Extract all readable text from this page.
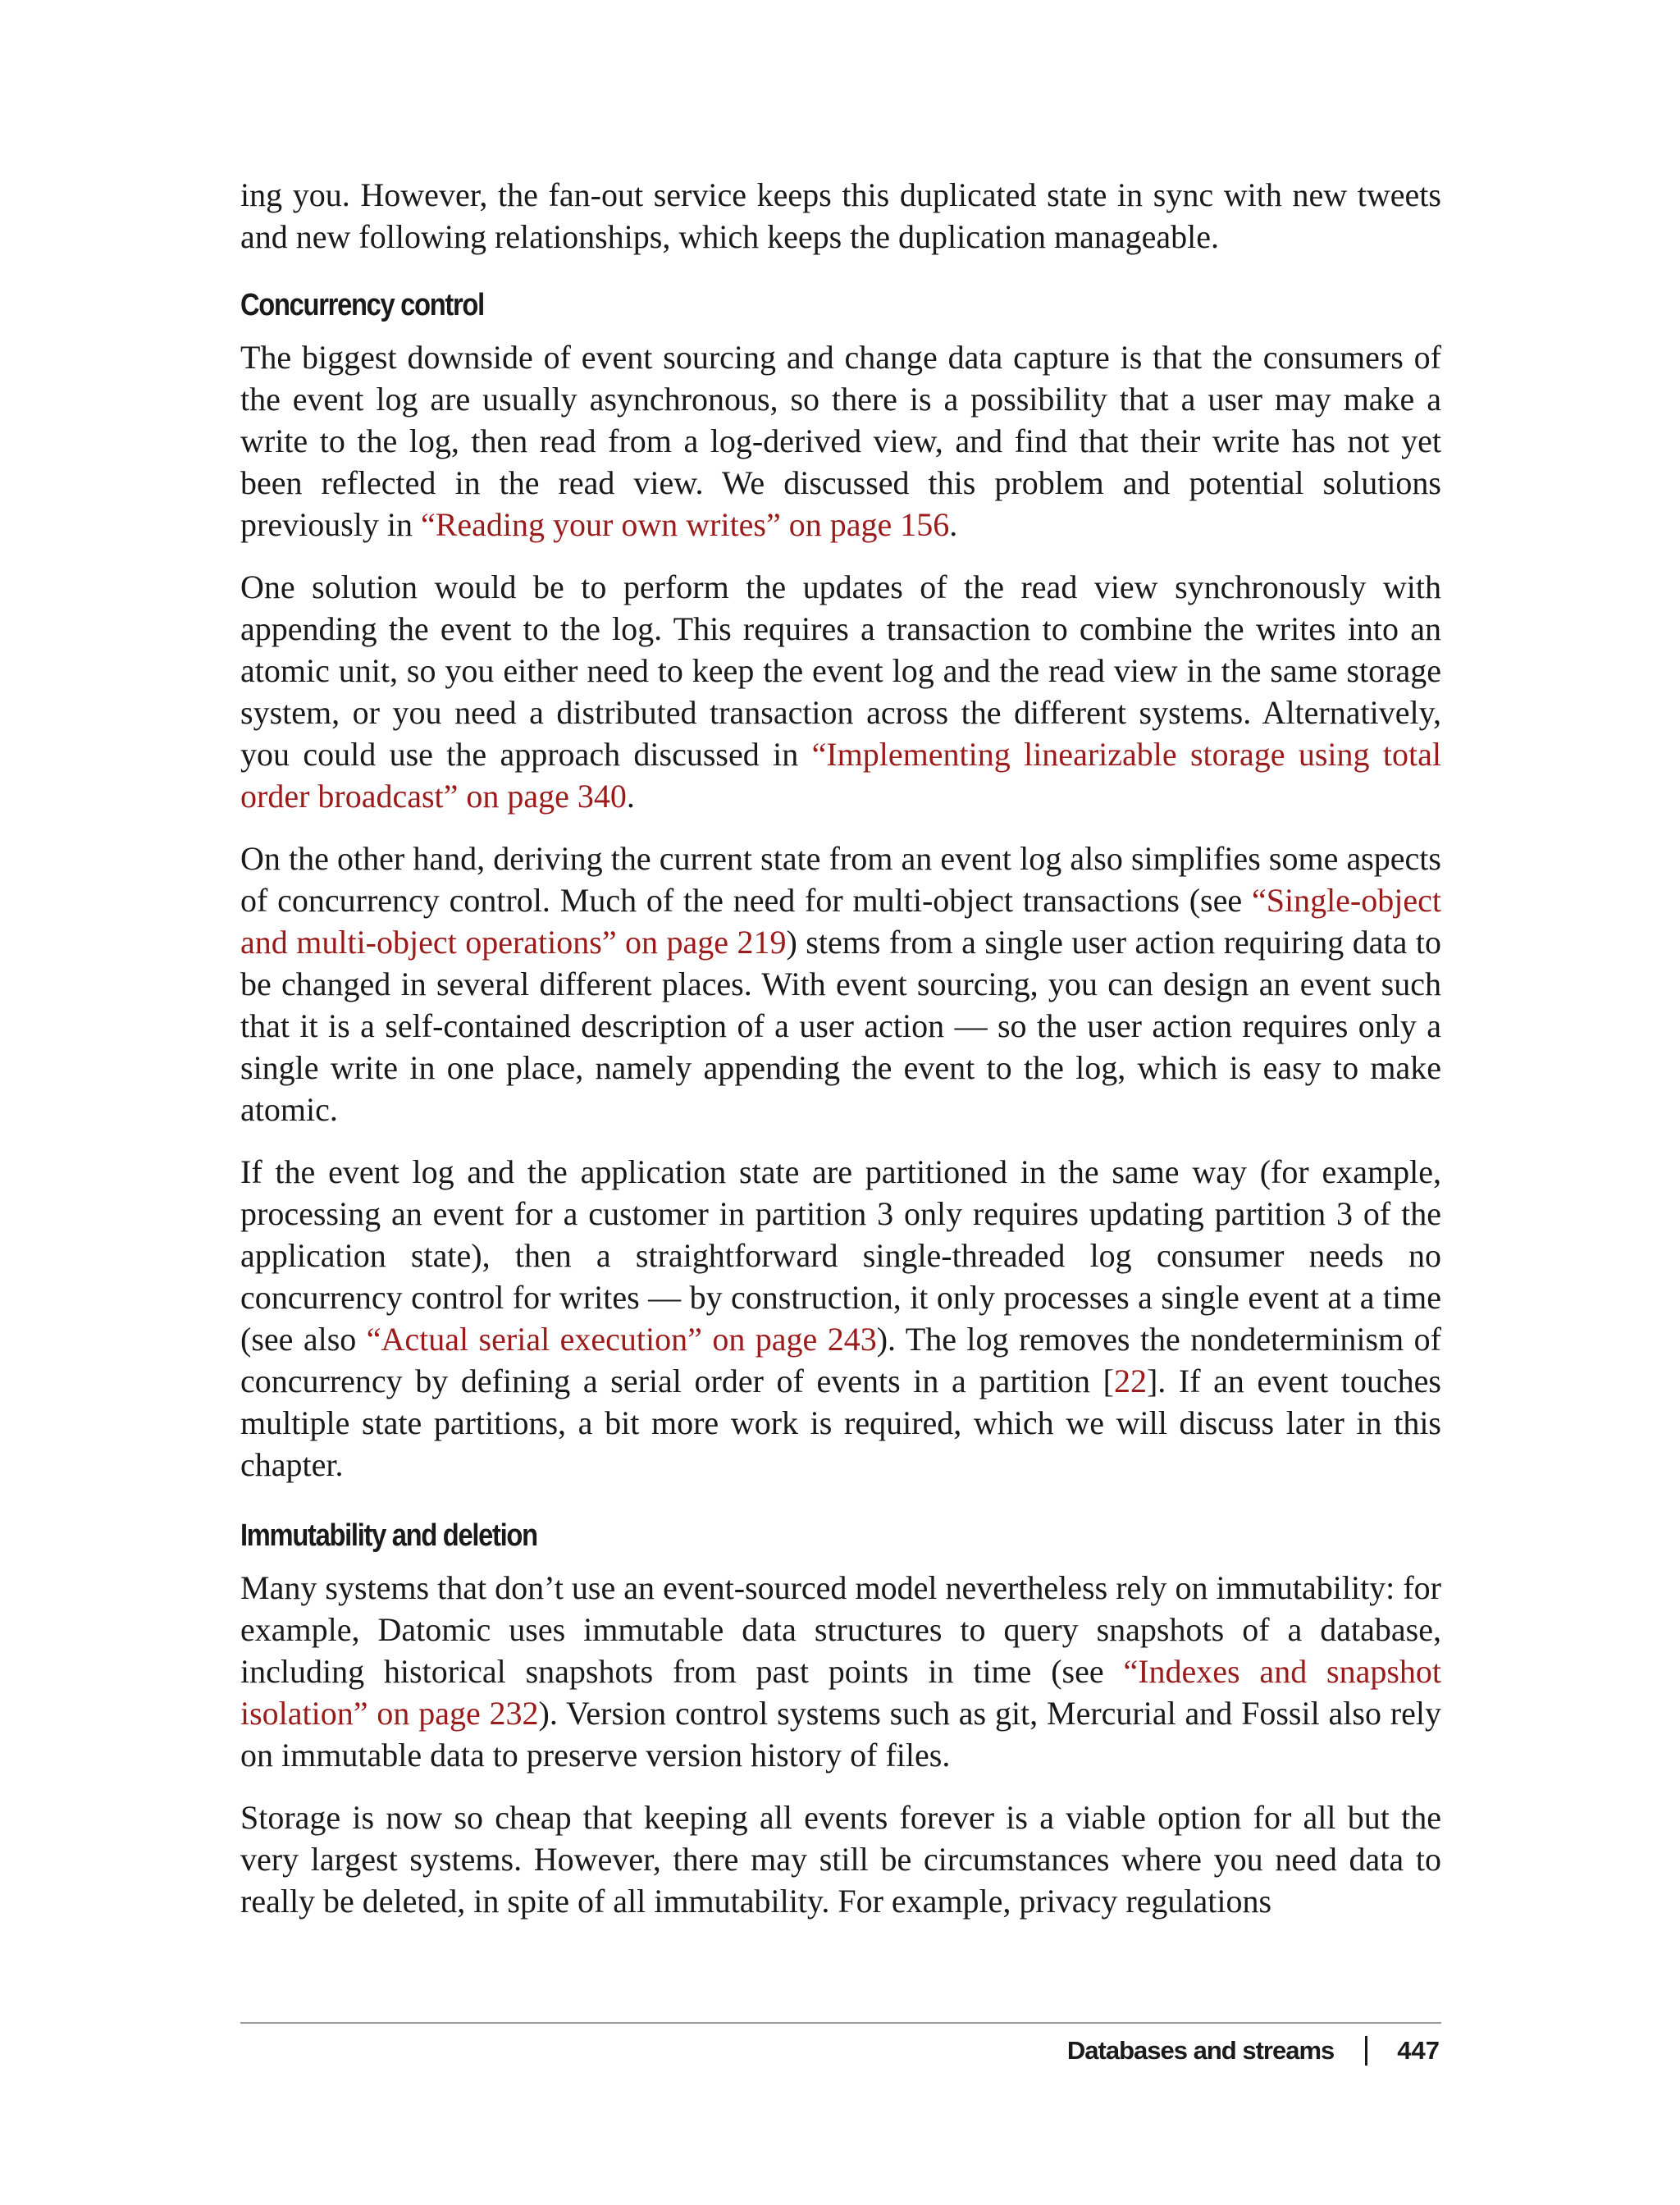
ing you. However, the fan-out service keeps this duplicated state in sync with new tweets and new following relationships, which keeps the duplication manageable.

Concurrency control

The biggest downside of event sourcing and change data capture is that the consumers of the event log are usually asynchronous, so there is a possibility that a user may make a write to the log, then read from a log-derived view, and find that their write has not yet been reflected in the read view. We discussed this problem and potential solutions previously in “Reading your own writes” on page 156.

One solution would be to perform the updates of the read view synchronously with appending the event to the log. This requires a transaction to combine the writes into an atomic unit, so you either need to keep the event log and the read view in the same storage system, or you need a distributed transaction across the different systems. Alternatively, you could use the approach discussed in “Implementing linearizable storage using total order broadcast” on page 340.

On the other hand, deriving the current state from an event log also simplifies some aspects of concurrency control. Much of the need for multi-object transactions (see “Single-object and multi-object operations” on page 219) stems from a single user action requiring data to be changed in several different places. With event sourcing, you can design an event such that it is a self-contained description of a user action — so the user action requires only a single write in one place, namely appending the event to the log, which is easy to make atomic.

If the event log and the application state are partitioned in the same way (for example, processing an event for a customer in partition 3 only requires updating partition 3 of the application state), then a straightforward single-threaded log consumer needs no concurrency control for writes — by construction, it only processes a single event at a time (see also “Actual serial execution” on page 243). The log removes the nondeterminism of concurrency by defining a serial order of events in a partition [22]. If an event touches multiple state partitions, a bit more work is required, which we will discuss later in this chapter.

Immutability and deletion

Many systems that don’t use an event-sourced model nevertheless rely on immutability: for example, Datomic uses immutable data structures to query snapshots of a database, including historical snapshots from past points in time (see “Indexes and snapshot isolation” on page 232). Version control systems such as git, Mercurial and Fossil also rely on immutable data to preserve version history of files.

Storage is now so cheap that keeping all events forever is a viable option for all but the very largest systems. However, there may still be circumstances where you need data to really be deleted, in spite of all immutability. For example, privacy regulations

Databases and streams 447
